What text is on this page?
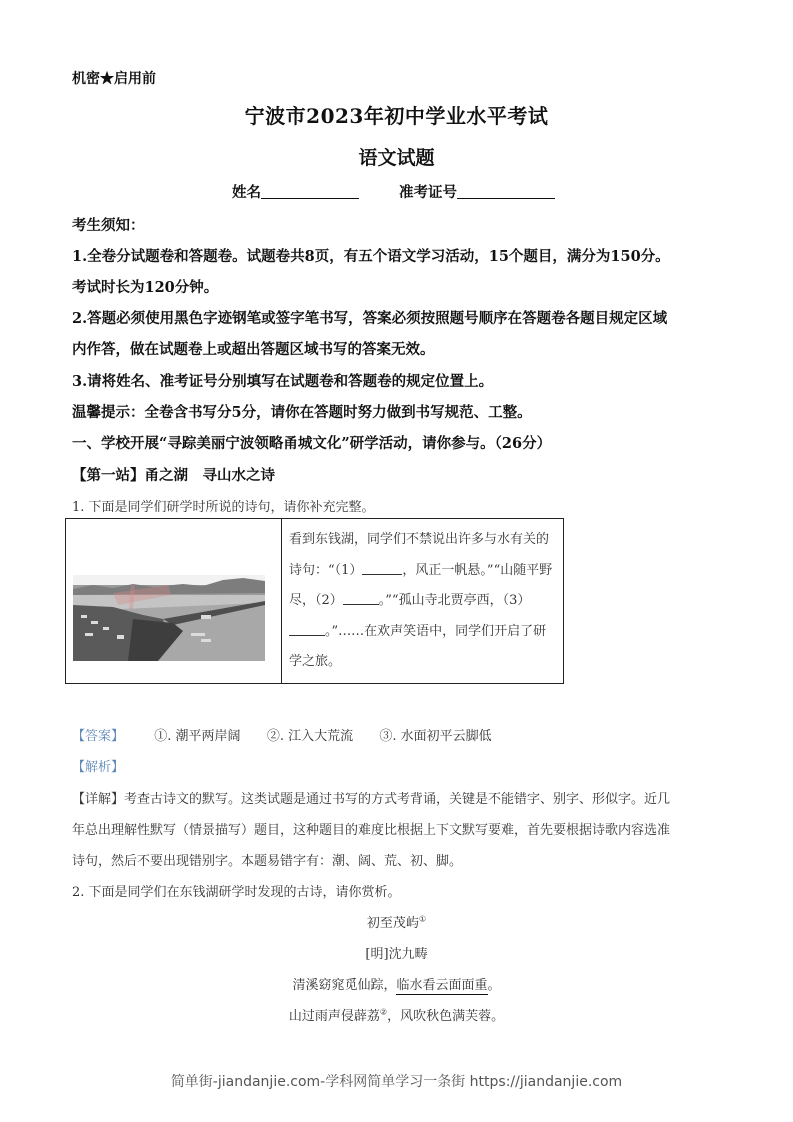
机密★启用前
宁波市2023年初中学业水平考试
语文试题
姓名	准考证号
考生须知：
1.全卷分试题卷和答题卷。试题卷共8页，有五个语文学习活动，15个题目，满分为150分。
考试时长为120分钟。
2.答题必须使用黑色字迹钢笔或签字笔书写，答案必须按照题号顺序在答题卷各题目规定区域
内作答，做在试题卷上或超出答题区域书写的答案无效。
3.请将姓名、准考证号分别填写在试题卷和答题卷的规定位置上。
温馨提示：全卷含书写分5分，请你在答题时努力做到书写规范、工整。
一、学校开展“寻踪美丽宁波领略甬城文化”研学活动，请你参与。（26分）
【第一站】甬之湖　寻山水之诗
1. 下面是同学们研学时所说的诗句，请你补充完整。
看到东钱湖，同学们不禁说出许多与水有关的诗句：“（1）	，风正一帆悬。”“山随平野尽，（2）	。”“孤山寺北贾亭西，（3）。”……在欢声笑语中，同学们开启了研学之旅。
【答案】 ①. 潮平两岸阔 ②. 江入大荒流 ③. 水面初平云脚低
【解析】
【详解】考查古诗文的默写。这类试题是通过书写的方式考背诵，关键是不能错字、别字、形似字。近几
年总出理解性默写（情景描写）题目，这种题目的难度比根据上下文默写要难，首先要根据诗歌内容选准
诗句，然后不要出现错别字。本题易错字有：潮、阔、荒、初、脚。
2. 下面是同学们在东钱湖研学时发现的古诗，请你赏析。
初至茂屿①
[明]沈九畴
清溪窈窕觅仙踪，临水看云面面重。
山过雨声侵薜荔②，风吹秋色满芙蓉。
简单街-jiandanjie.com-学科网简单学习一条街 https://jiandanjie.com
